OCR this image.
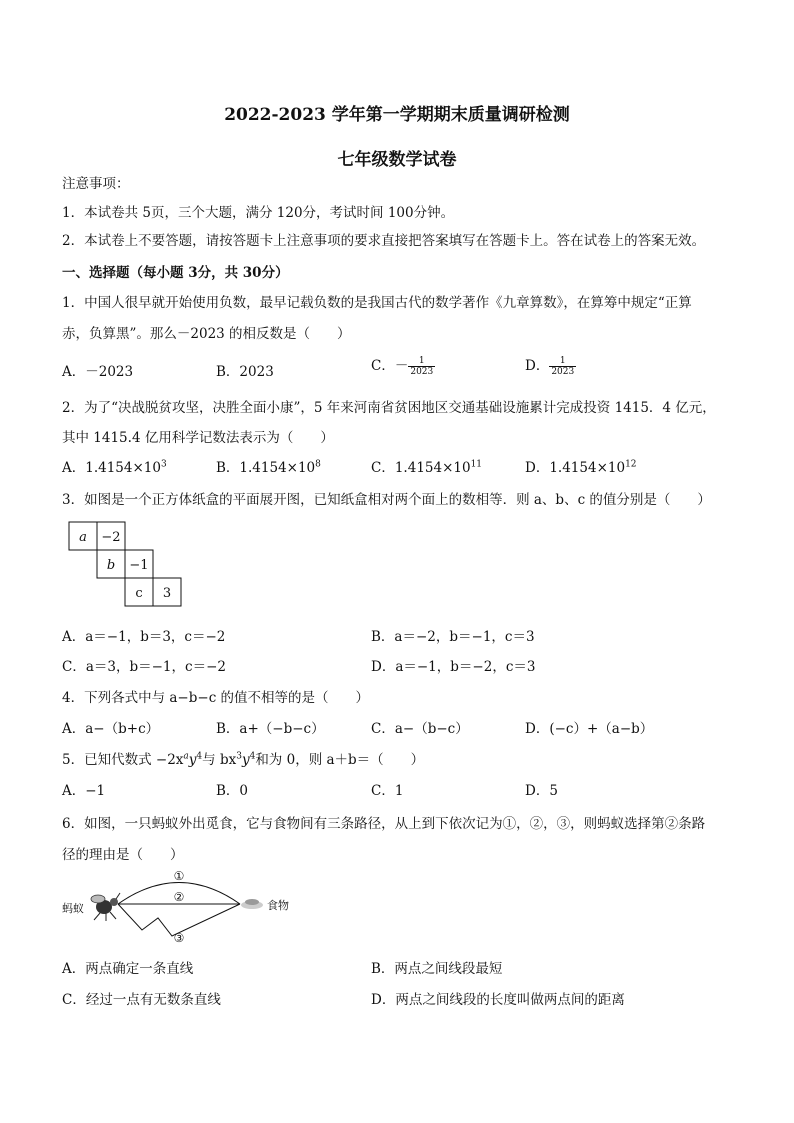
2022-2023 学年第一学期期末质量调研检测
七年级数学试卷
注意事项：
1．本试卷共 5页，三个大题，满分 120分，考试时间 100分钟。
2．本试卷上不要答题，请按答题卡上注意事项的要求直接把答案填写在答题卡上。答在试卷上的答案无效。
一、选择题（每小题 3分，共 30分）
1．中国人很早就开始使用负数，最早记载负数的是我国古代的数学著作《九章算数》，在算筹中规定“正算
赤，负算黑”。那么－2023 的相反数是（　　）
A．－2023	B．2023	C．－ $\frac{1}{2023}$	D． $\frac{1}{2023}$
2．为了“决战脱贫攻坚，决胜全面小康”，5 年来河南省贫困地区交通基础设施累计完成投资 1415．4 亿元，
其中 1415.4 亿用科学记数法表示为（　　）
A．$1.4154\times 10^3$	B．$1.4154\times 10^8$	C．$1.4154\times 10^{11}$	D．$1.4154\times 10^{12}$
3．如图是一个正方体纸盒的平面展开图，已知纸盒相对两个面上的数相等．则 a、b、c 的值分别是（　　）
a −2
b −1
c 3
A．a＝−1，b＝3，c＝−2	B．a＝−2，b＝−1，c＝3
C．a＝3，b＝−1，c＝−2	D．a＝−1，b＝−2，c＝3
4．下列各式中与 a−b−c 的值不相等的是（　　）
A．a−（b+c）	B．a+（−b−c）	C．a−（b−c）	D．(−c）+（a−b）
5．已知代数式 $-2x^ay^4$与 $bx^3y^4$和为 0，则 a＋b＝（　　）
A．−1	B．0	C．1	D．5
6．如图，一只蚂蚁外出觅食，它与食物间有三条路径，从上到下依次记为①，②，③，则蚂蚁选择第②条路
径的理由是（　　）
蚂蚁
①
②
③
食物
A．两点确定一条直线	B．两点之间线段最短
C．经过一点有无数条直线	D．两点之间线段的长度叫做两点间的距离
